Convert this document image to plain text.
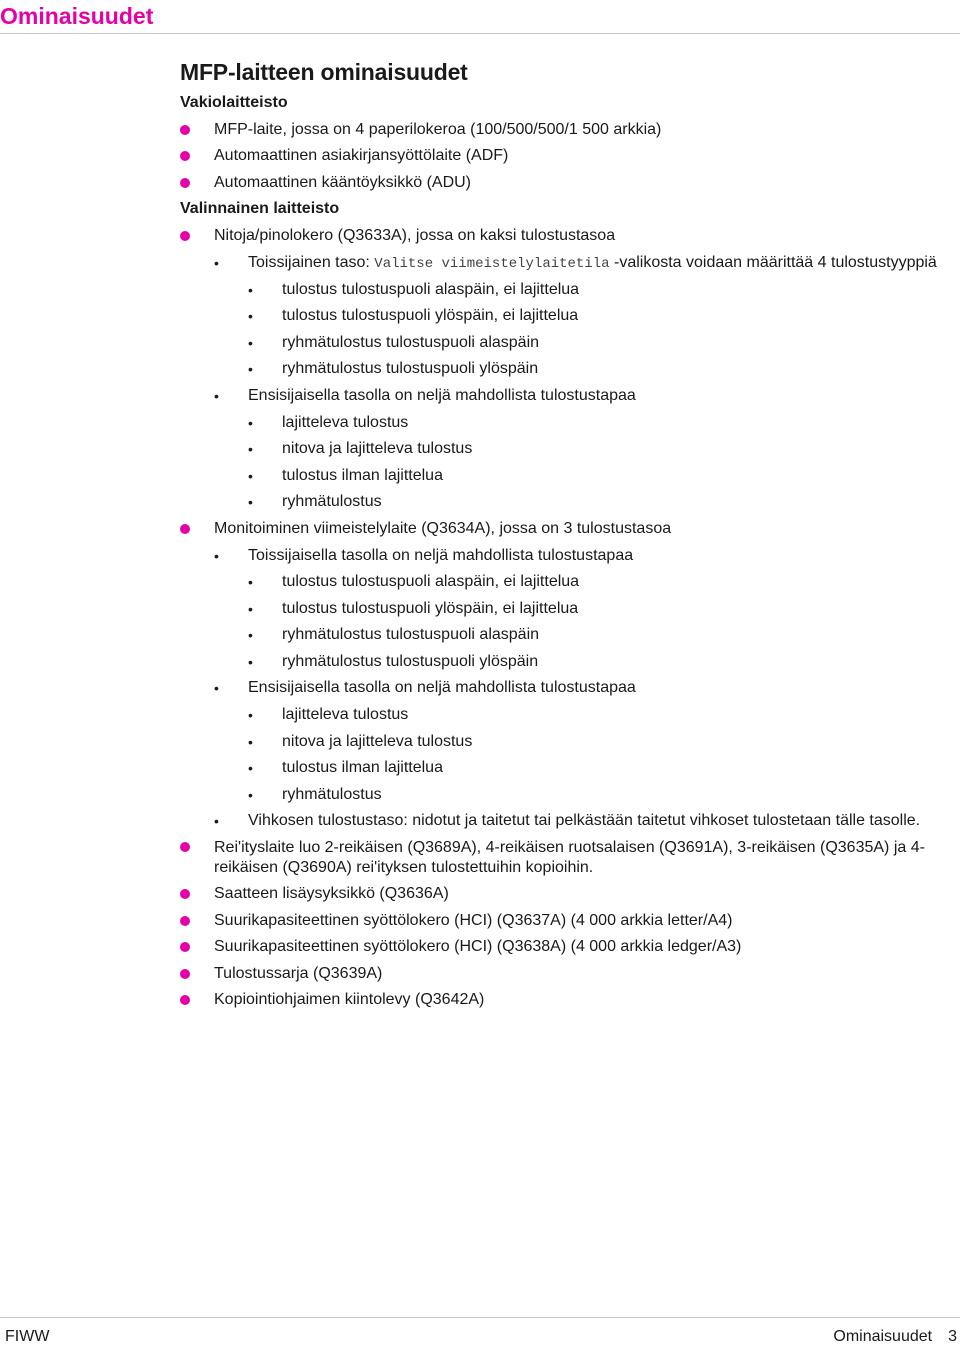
Ominaisuudet
MFP-laitteen ominaisuudet
Vakiolaitteisto
MFP-laite, jossa on 4 paperilokeroa (100/500/500/1 500 arkkia)
Automaattinen asiakirjansyöttölaite (ADF)
Automaattinen kääntöyksikkö (ADU)
Valinnainen laitteisto
Nitoja/pinolokero (Q3633A), jossa on kaksi tulostustasoa
• Toissijainen taso: Valitse viimeistelylaitetila -valikosta voidaan määrittää 4 tulostustyyppiä
• tulostus tulostuspuoli alaspäin, ei lajittelua
• tulostus tulostuspuoli ylöspäin, ei lajittelua
• ryhmätulostus tulostuspuoli alaspäin
• ryhmätulostus tulostuspuoli ylöspäin
• Ensisijaisella tasolla on neljä mahdollista tulostustapaa
• lajitteleva tulostus
• nitova ja lajitteleva tulostus
• tulostus ilman lajittelua
• ryhmätulostus
Monitoiminen viimeistelylaite (Q3634A), jossa on 3 tulostustasoa
• Toissijaisella tasolla on neljä mahdollista tulostustapaa
• tulostus tulostuspuoli alaspäin, ei lajittelua
• tulostus tulostuspuoli ylöspäin, ei lajittelua
• ryhmätulostus tulostuspuoli alaspäin
• ryhmätulostus tulostuspuoli ylöspäin
• Ensisijaisella tasolla on neljä mahdollista tulostustapaa
• lajitteleva tulostus
• nitova ja lajitteleva tulostus
• tulostus ilman lajittelua
• ryhmätulostus
• Vihkosen tulostustaso: nidotut ja taitetut tai pelkästään taitetut vihkoset tulostetaan tälle tasolle.
Rei'ityslaite luo 2-reikäisen (Q3689A), 4-reikäisen ruotsalaisen (Q3691A), 3-reikäisen (Q3635A) ja 4-reikäisen (Q3690A) rei'ityksen tulostettuihin kopioihin.
Saatteen lisäysyksikkö (Q3636A)
Suurikapasiteettinen syöttölokero (HCI) (Q3637A) (4 000 arkkia letter/A4)
Suurikapasiteettinen syöttölokero (HCI) (Q3638A) (4 000 arkkia ledger/A3)
Tulostussarja (Q3639A)
Kopiointiohjaimen kiintolevy (Q3642A)
FIWW	Ominaisuudet 3
